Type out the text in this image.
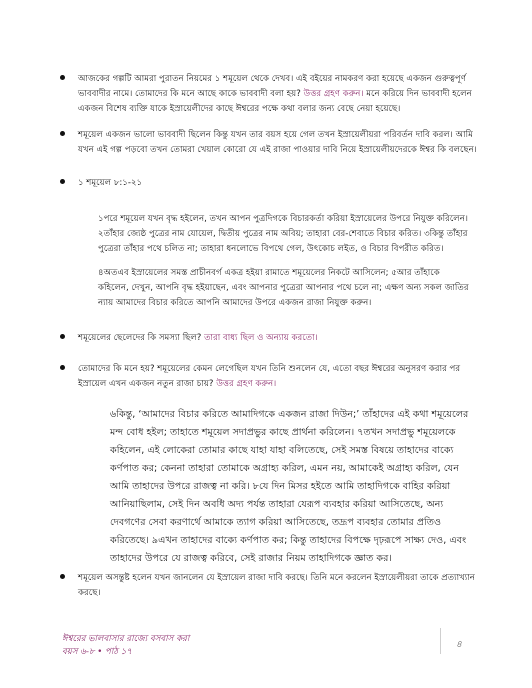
আজকের গল্পটি আমরা পুরাতন নিয়মের ১ শমূয়েল থেকে দেখব। এই বইয়ের নামকরণ করা হয়েছে একজন গুরুত্বপূর্ণ ভাববাদীর নামে। তোমাদের কি মনে আছে কাকে ভাববাদী বলা হয়? উত্তর গ্রহণ করুন। মনে করিয়ে দিন ভাববাদী হলেন একজন বিশেষ ব্যক্তি যাকে ইস্রায়েলীদের কাছে ঈশ্বরের পক্ষে কথা বলার জন্য বেছে নেয়া হয়েছে।
শমূয়েল একজন ভালো ভাববাদী ছিলেন কিন্তু যখন তার বয়স হয়ে গেল তখন ইস্রায়েলীয়রা পরিবর্তন দাবি করল। আমি যখন এই গল্প পড়বো তখন তোমরা খেয়াল কোরো যে এই রাজা পাওয়ার দাবি নিয়ে ইস্রায়েলীয়দেরকে ঈশ্বর কি বলছেন।
১ শমূয়েল ৮:১-২১

১পরে শমূয়েল যখন বৃদ্ধ হইলেন, তখন আপন পুত্রদিগকে বিচারকর্তা করিয়া ইস্রায়েলের উপরে নিযুক্ত করিলেন। ২তাঁহার জ্যেষ্ঠ পুত্রের নাম যোয়েল, দ্বিতীয় পুত্রের নাম অবিয়; তাহারা বের-শেবাতে বিচার করিত। ৩কিন্তু তাঁহার পুত্রেরা তাঁহার পথে চলিত না; তাহারা ধনলোভে বিপথে গেল, উৎকোচ লইত, ও বিচার বিপরীত করিত।

৪অতএব ইস্রায়েলের সমস্ত প্রাচীনবর্গ একত্র হইয়া রামাতে শমূয়েলের নিকটে আসিলেন; ৫আর তাঁহাকে কহিলেন, দেখুন, আপনি বৃদ্ধ হইয়াছেন, এবং আপনার পুত্রেরা আপনার পথে চলে না; এক্ষণ অন্য সকল জাতির ন্যায় আমাদের বিচার করিতে আপনি আমাদের উপরে একজন রাজা নিযুক্ত করুন।

শমূয়েলের ছেলেদের কি সমস্যা ছিল? তারা বাধ্য ছিল ও অন্যায় করতো।
তোমাদের কি মনে হয়? শমূয়েলের কেমন লেগেছিল যখন তিনি শুনলেন যে, এতো বছর ঈশ্বরের অনুসরণ করার পর ইস্রায়েল এখন একজন নতুন রাজা চায়? উত্তর গ্রহণ করুন।
৬কিন্তু, ‘আমাদের বিচার করিতে আমাদিগকে একজন রাজা দিউন;’ তাঁহাদের এই কথা শমূয়েলের মন্দ বোধ হইল; তাহাতে শমূয়েল সদাপ্রভুর কাছে প্রার্থনা করিলেন। ৭তখন সদাপ্রভু শমূয়েলকে কহিলেন, এই লোকেরা তোমার কাছে যাহা যাহা বলিতেছে, সেই সমস্ত বিষয়ে তাহাদের বাক্যে কর্ণপাত কর; কেননা তাহারা তোমাকে অগ্রাহ্য করিল, এমন নয়, আমাকেই অগ্রাহ্য করিল, যেন আমি তাহাদের উপরে রাজত্ব না করি। ৮যে দিন মিসর হইতে আমি তাহাদিগকে বাহির করিয়া আনিয়াছিলাম, সেই দিন অবধি অদ্য পর্যন্ত তাহারা যেরূপ ব্যবহার করিয়া আসিতেছে, অন্য দেবগণের সেবা করণার্থে আমাকে ত্যাগ করিয়া আসিতেছে, তদ্রূপ ব্যবহার তোমার প্রতিও করিতেছে। ৯এখন তাহাদের বাক্যে কর্ণপাত কর; কিন্তু তাহাদের বিপক্ষে দৃঢ়রূপে সাক্ষ্য দেও, এবং তাহাদের উপরে যে রাজত্ব করিবে, সেই রাজার নিয়ম তাহাদিগকে জ্ঞাত কর।
শমূয়েল অসন্তুষ্ট হলেন যখন জানলেন যে ইস্রায়েল রাজা দাবি করছে। তিনি মনে করলেন ইস্রায়েলীয়রা তাকে প্রত্যাখ্যান করছে।
ঈশ্বরের ভালবাসার রাজ্যে বসবাস করা
বয়স ৬-৮ • পাঠ ১৭
৪
